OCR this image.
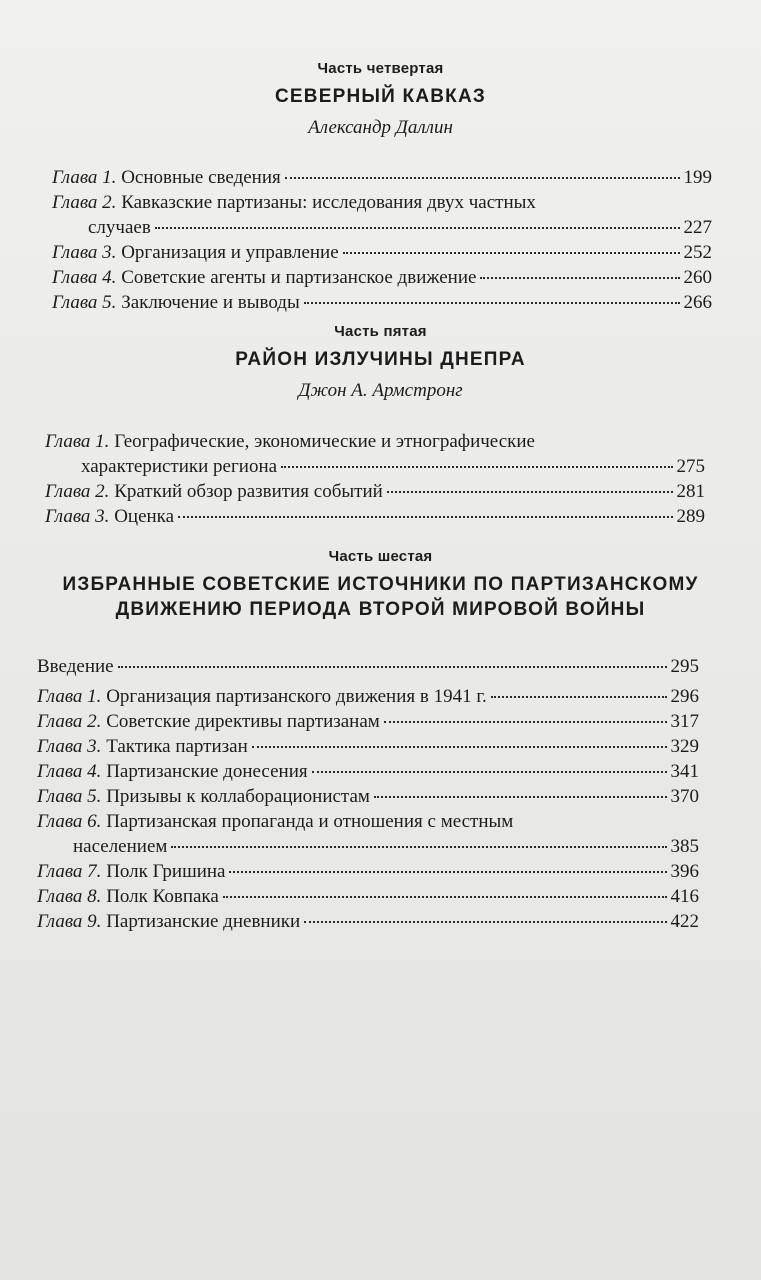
Часть четвертая
СЕВЕРНЫЙ КАВКАЗ
Александр Даллин
Глава 1. Основные сведения	199
Глава 2. Кавказские партизаны: исследования двух частных
случаев	227
Глава 3. Организация и управление	252
Глава 4. Советские агенты и партизанское движение	260
Глава 5. Заключение и выводы	266
Часть пятая
РАЙОН ИЗЛУЧИНЫ ДНЕПРА
Джон А. Армстронг
Глава 1. Географические, экономические и этнографические
характеристики региона	275
Глава 2. Краткий обзор развития событий	281
Глава 3. Оценка	289
Часть шестая
ИЗБРАННЫЕ СОВЕТСКИЕ ИСТОЧНИКИ ПО ПАРТИЗАНСКОМУ
ДВИЖЕНИЮ ПЕРИОДА ВТОРОЙ МИРОВОЙ ВОЙНЫ
Введение	295
Глава 1. Организация партизанского движения в 1941 г.	296
Глава 2. Советские директивы партизанам	317
Глава 3. Тактика партизан	329
Глава 4. Партизанские донесения	341
Глава 5. Призывы к коллаборационистам	370
Глава 6. Партизанская пропаганда и отношения с местным
населением	385
Глава 7. Полк Гришина	396
Глава 8. Полк Ковпака	416
Глава 9. Партизанские дневники	422
